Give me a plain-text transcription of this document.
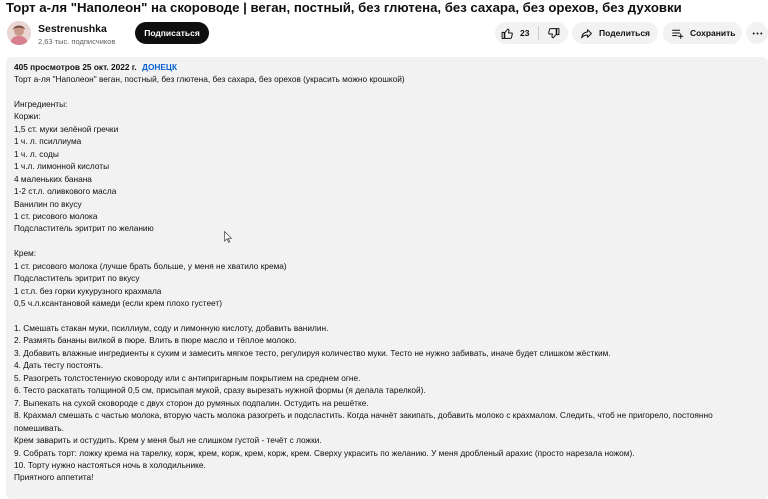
Торт а-ля "Наполеон" на скороводе | веган, постный, без глютена, без сахара, без орехов, без духовки
Sestrenushka
2,63 тыс. подписчиков
Подписаться	23	Поделиться	Сохранить
405 просмотров 25 окт. 2022 г. ДОНЕЦК
Торт а-ля "Наполеон" веган, постный, без глютена, без сахара, без орехов (украсить можно крошкой)
Ингредиенты:
Коржи:
1,5 ст. муки зелёной гречки
1 ч. л. псиллиума
1 ч. л. соды
1 ч.л. лимонной кислоты
4 маленьких банана
1-2 ст.л. оливкового масла
Ванилин по вкусу
1 ст. рисового молока
Подсластитель эритрит по желанию
Крем:
1 ст. рисового молока (лучше брать больше, у меня не хватило крема)
Подсластитель эритрит по вкусу
1 ст.л. без горки кукурузного крахмала
0,5 ч.л.ксантановой камеди (если крем плохо густеет)
1. Смешать стакан муки, псиллиум, соду и лимонную кислоту, добавить ванилин.
2. Размять бананы вилкой в пюре. Влить в пюре масло и тёплое молоко.
3. Добавить влажные ингредиенты к сухим и замесить мягкое тесто, регулируя количество муки. Тесто не нужно забивать, иначе будет слишком жёстким.
4. Дать тесту постоять.
5. Разогреть толстостенную сковороду или с антипригарным покрытием на среднем огне.
6. Тесто раскатать толщиной 0,5 см, присыпая мукой, сразу вырезать нужной формы (я делала тарелкой).
7. Выпекать на сухой сковороде с двух сторон до румяных подпалин. Остудить на решётке.
8. Крахмал смешать с частью молока, вторую часть молока разогреть и подсластить. Когда начнёт закипать, добавить молоко с крахмалом. Следить, чтоб не пригорело, постоянно помешивать.
Крем заварить и остудить. Крем у меня был не слишком густой - течёт с ложки.
9. Собрать торт: ложку крема на тарелку, корж, крем, корж, крем, корж, крем. Сверху украсить по желанию. У меня дробленый арахис (просто нарезала ножом).
10. Торту нужно настояться ночь в холодильнике.
Приятного аппетита!
